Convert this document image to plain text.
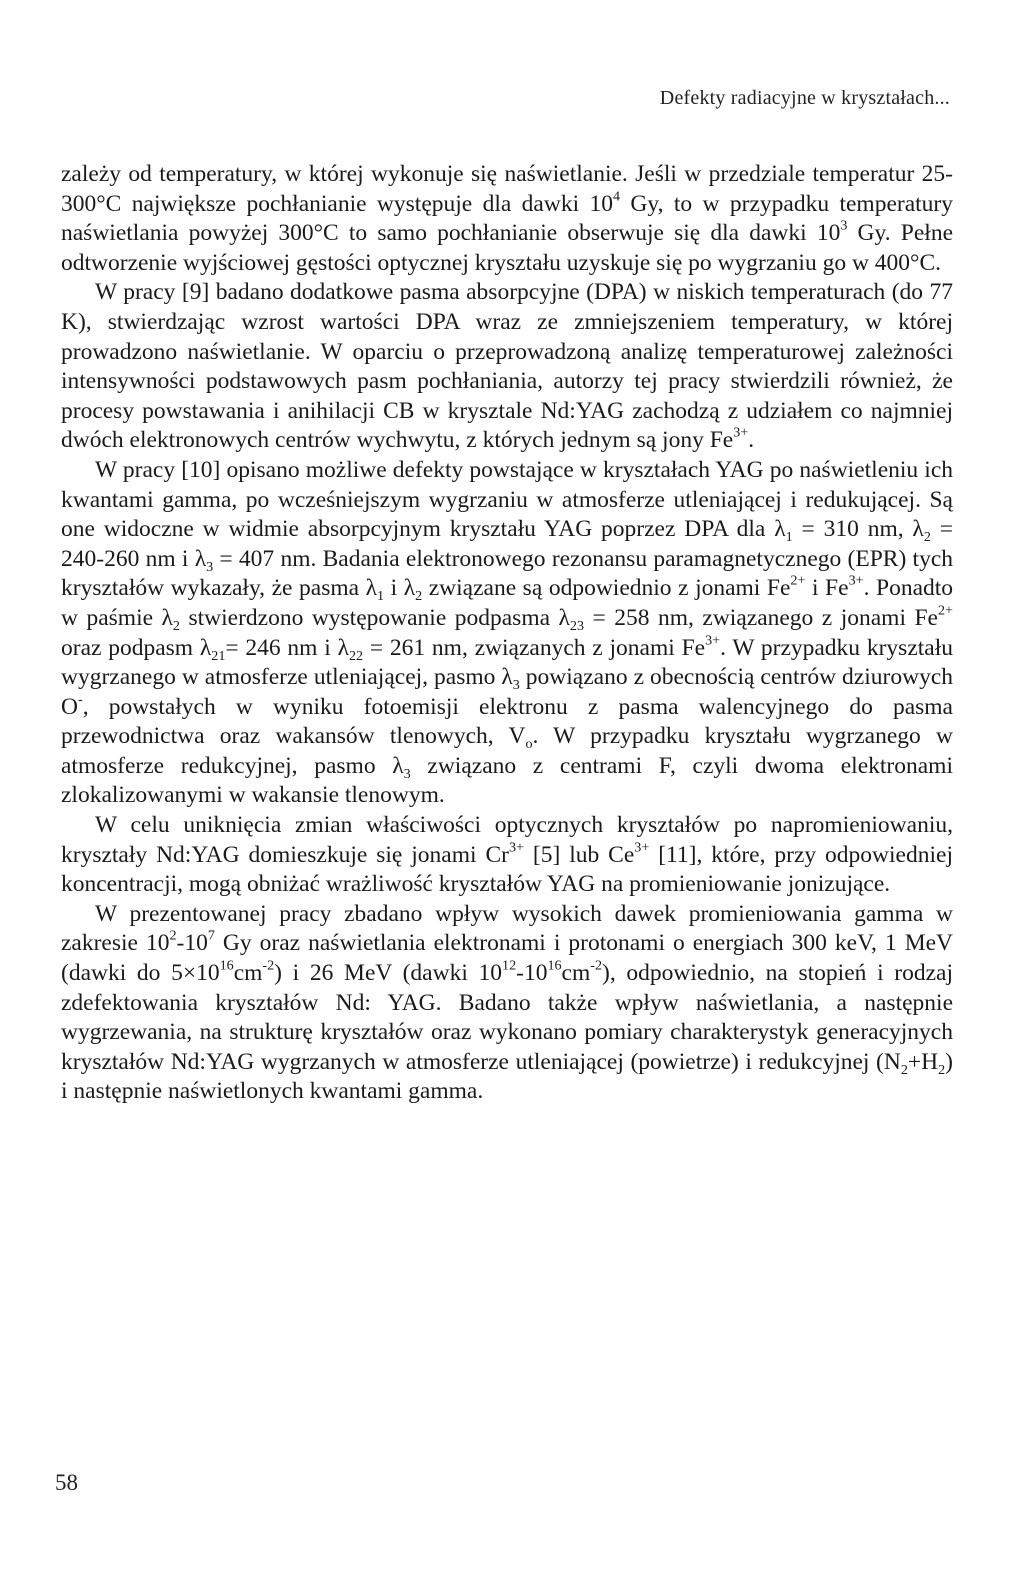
Defekty radiacyjne w kryształach...

zależy od temperatury, w której wykonuje się naświetlanie. Jeśli w przedziale temperatur 25-300°C największe pochłanianie występuje dla dawki $10^4$ Gy, to w przypadku temperatury naświetlania powyżej 300°C to samo pochłanianie obserwuje się dla dawki $10^3$ Gy. Pełne odtworzenie wyjściowej gęstości optycznej kryształu uzyskuje się po wygrzaniu go w 400°C.

W pracy [9] badano dodatkowe pasma absorpcyjne (DPA) w niskich temperaturach (do 77 K), stwierdzając wzrost wartości DPA wraz ze zmniejszeniem temperatury, w której prowadzono naświetlanie. W oparciu o przeprowadzoną analizę temperaturowej zależności intensywności podstawowych pasm pochłaniania, autorzy tej pracy stwierdzili również, że procesy powstawania i anihilacji CB w krysztale Nd:YAG zachodzą z udziałem co najmniej dwóch elektronowych centrów wychwytu, z których jednym są jony $Fe^{3+}$.

W pracy [10] opisano możliwe defekty powstające w kryształach YAG po naświetleniu ich kwantami gamma, po wcześniejszym wygrzaniu w atmosferze utleniającej i redukującej. Są one widoczne w widmie absorpcyjnym kryształu YAG poprzez DPA dla $\lambda_1 = 310$ nm, $\lambda_2 = 240-260$ nm i $\lambda_3 = 407$ nm. Badania elektronowego rezonansu paramagnetycznego (EPR) tych kryształów wykazały, że pasma $\lambda_1$ i $\lambda_2$ związane są odpowiednio z jonami $Fe^{2+}$ i $Fe^{3+}$. Ponadto w paśmie $\lambda_2$ stwierdzono występowanie podpasma $\lambda_{23} = 258$ nm, związanego z jonami $Fe^{2+}$ oraz podpasm $\lambda_{21}= 246$ nm i $\lambda_{22} = 261$ nm, związanych z jonami $Fe^{3+}$. W przypadku kryształu wygrzanego w atmosferze utleniającej, pasmo $\lambda_3$ powiązano z obecnością centrów dziurowych O-, powstałych w wyniku fotoemisji elektronu z pasma walencyjnego do pasma przewodnictwa oraz wakansów tlenowych, $V_o$. W przypadku kryształu wygrzanego w atmosferze redukcyjnej, pasmo $\lambda_3$ związano z centrami F, czyli dwoma elektronami zlokalizowanymi w wakansie tlenowym.

W celu uniknięcia zmian właściwości optycznych kryształów po napromieniowaniu, kryształy Nd:YAG domieszkuje się jonami $Cr^{3+}$ [5] lub $Ce^{3+}$ [11], które, przy odpowiedniej koncentracji, mogą obniżać wrażliwość kryształów YAG na promieniowanie jonizujące.

W prezentowanej pracy zbadano wpływ wysokich dawek promieniowania gamma w zakresie $10^2-10^7$ Gy oraz naświetlania elektronami i protonami o energiach 300 keV, 1 MeV (dawki do $5\times 10^{16}cm^{-2}$) i 26 MeV (dawki $10^{12}-10^{16}cm^{-2}$), odpowiednio, na stopień i rodzaj zdefektowania kryształów Nd: YAG. Badano także wpływ naświetlania, a następnie wygrzewania, na strukturę kryształów oraz wykonano pomiary charakterystyk generacyjnych kryształów Nd:YAG wygrzanych w atmosferze utleniającej (powietrze) i redukcyjnej $(N_2+H_2)$ i następnie naświetlonych kwantami gamma.

58
